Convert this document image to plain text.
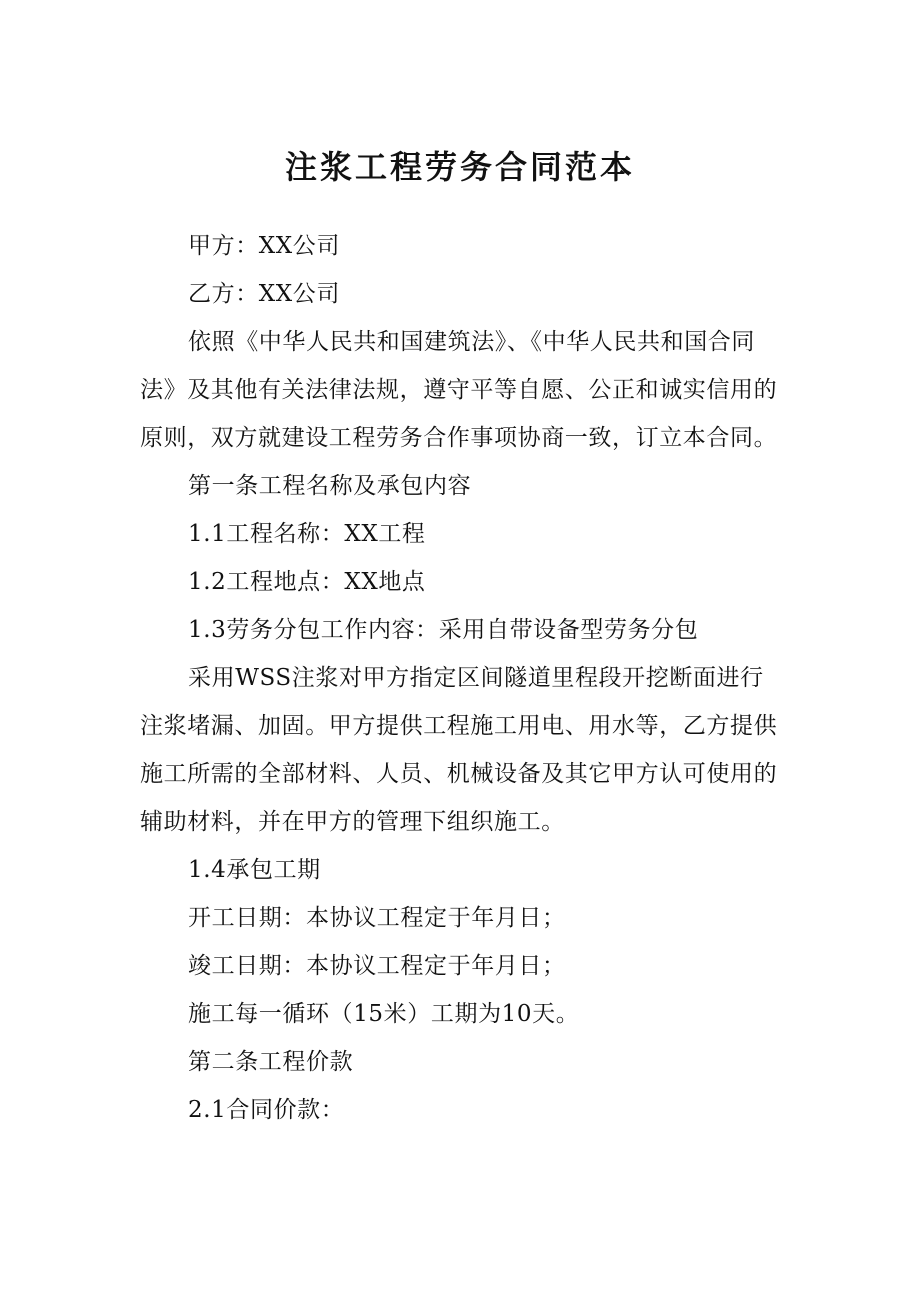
注浆工程劳务合同范本

甲方：XX公司

乙方：XX公司

依照《中华人民共和国建筑法》、《中华人民共和国合同法》及其他有关法律法规，遵守平等自愿、公正和诚实信用的原则，双方就建设工程劳务合作事项协商一致，订立本合同。

第一条工程名称及承包内容

1.1工程名称：XX工程

1.2工程地点：XX地点

1.3劳务分包工作内容：采用自带设备型劳务分包

采用WSS注浆对甲方指定区间隧道里程段开挖断面进行注浆堵漏、加固。甲方提供工程施工用电、用水等，乙方提供施工所需的全部材料、人员、机械设备及其它甲方认可使用的辅助材料，并在甲方的管理下组织施工。

1.4承包工期

开工日期：本协议工程定于年月日；

竣工日期：本协议工程定于年月日；

施工每一循环（15米）工期为10天。

第二条工程价款

2.1合同价款：
